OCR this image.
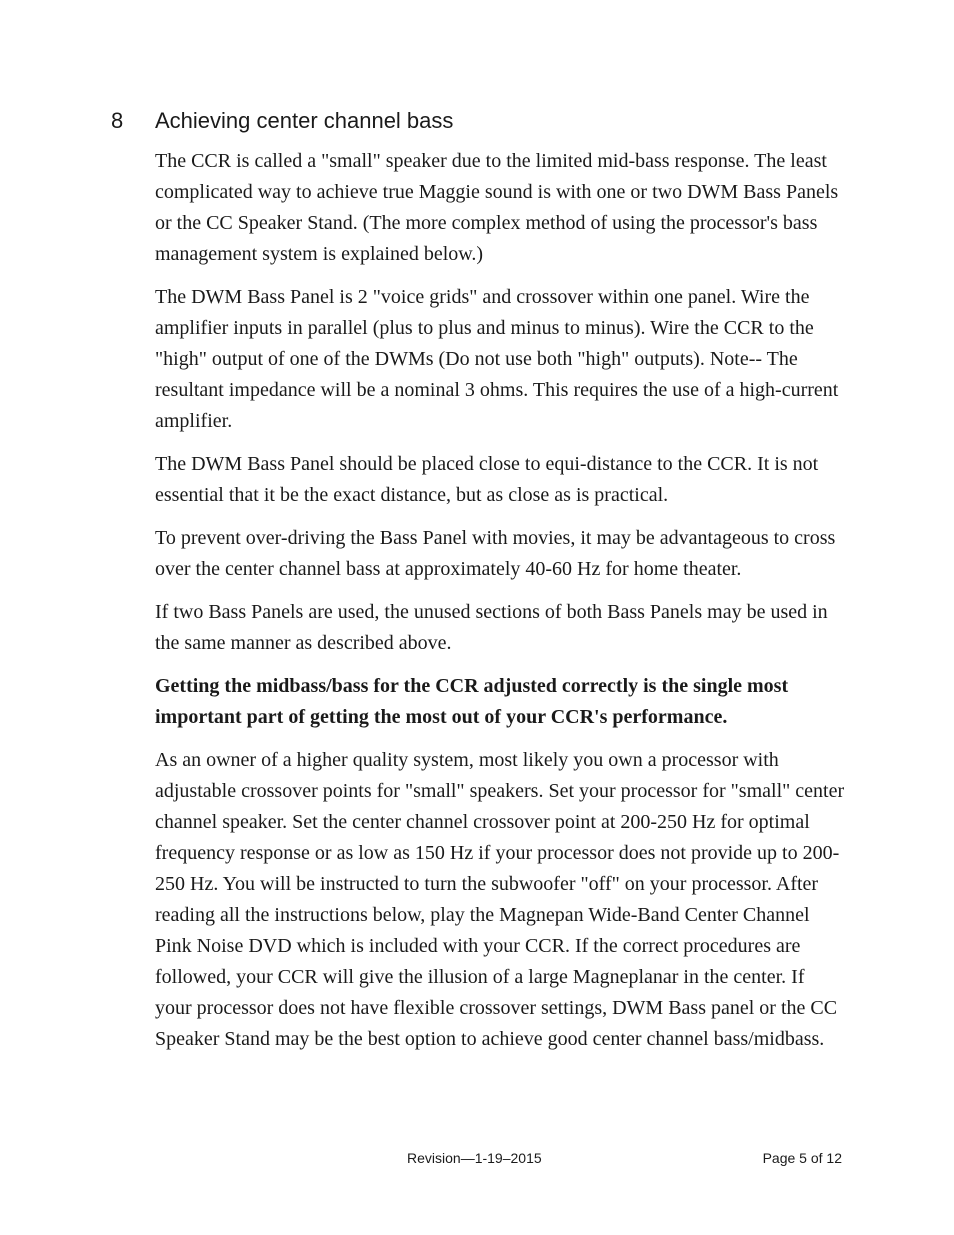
8 Achieving center channel bass

The CCR is called a "small" speaker due to the limited mid-bass response. The least complicated way to achieve true Maggie sound is with one or two DWM Bass Panels or the CC Speaker Stand. (The more complex method of using the processor's bass management system is explained below.)

The DWM Bass Panel is 2 "voice grids" and crossover within one panel. Wire the amplifier inputs in parallel (plus to plus and minus to minus). Wire the CCR to the "high" output of one of the DWMs (Do not use both "high" outputs). Note-- The resultant impedance will be a nominal 3 ohms. This requires the use of a high-current amplifier.

The DWM Bass Panel should be placed close to equi-distance to the CCR. It is not essential that it be the exact distance, but as close as is practical.

To prevent over-driving the Bass Panel with movies, it may be advantageous to cross over the center channel bass at approximately 40-60 Hz for home theater.

If two Bass Panels are used, the unused sections of both Bass Panels may be used in the same manner as described above.

Getting the midbass/bass for the CCR adjusted correctly is the single most important part of getting the most out of your CCR's performance.

As an owner of a higher quality system, most likely you own a processor with adjustable crossover points for "small" speakers. Set your processor for "small" center channel speaker. Set the center channel crossover point at 200-250 Hz for optimal frequency response or as low as 150 Hz if your processor does not provide up to 200-250 Hz. You will be instructed to turn the subwoofer "off" on your processor. After reading all the instructions below, play the Magnepan Wide-Band Center Channel Pink Noise DVD which is included with your CCR. If the correct procedures are followed, your CCR will give the illusion of a large Magneplanar in the center. If your processor does not have flexible crossover settings, DWM Bass panel or the CC Speaker Stand may be the best option to achieve good center channel bass/midbass.

Revision—1-19–2015	Page 5 of 12
